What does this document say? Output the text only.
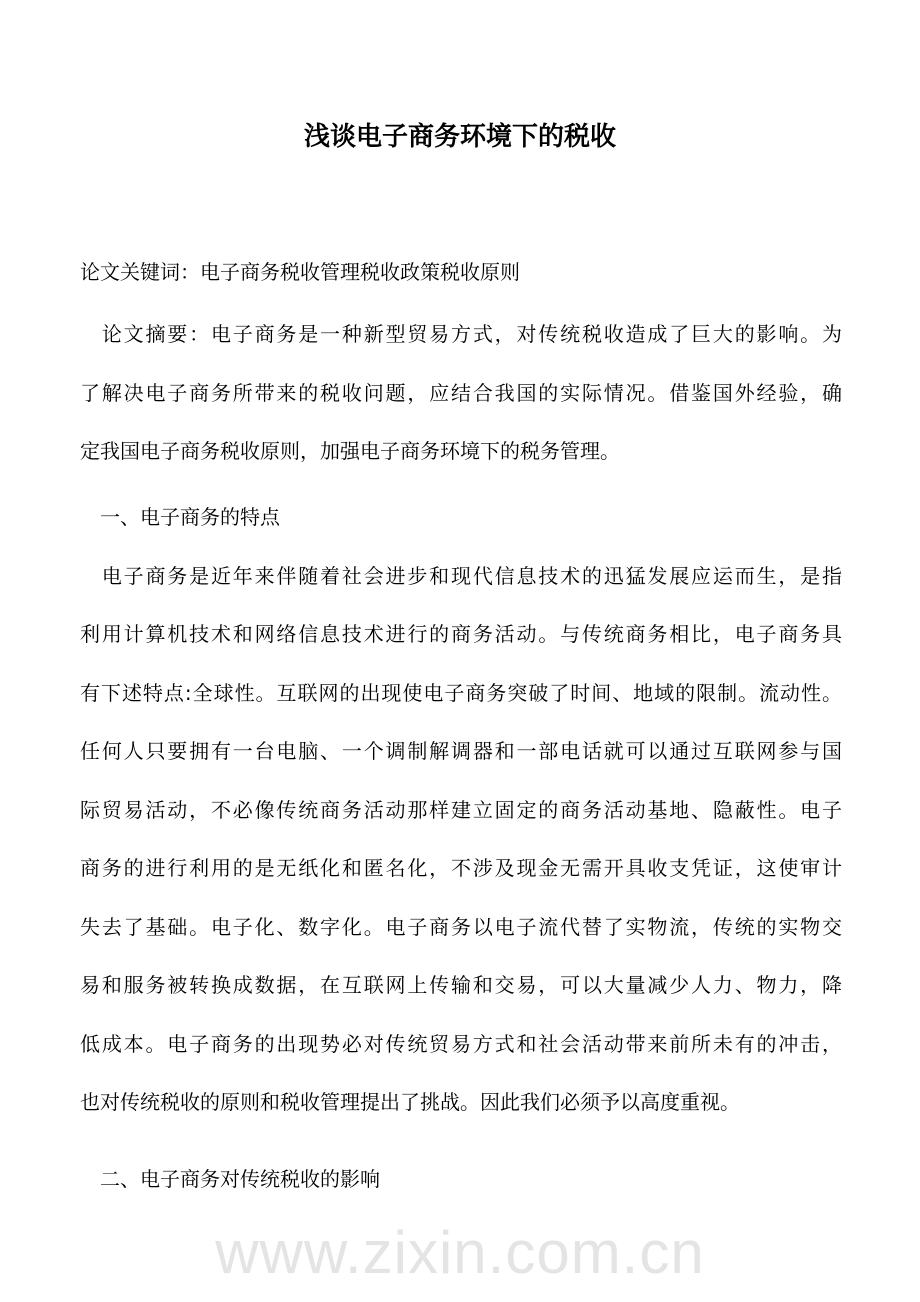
浅谈电子商务环境下的税收
论文关键词：电子商务税收管理税收政策税收原则
　论文摘要：电子商务是一种新型贸易方式，对传统税收造成了巨大的影响。为
了解决电子商务所带来的税收问题，应结合我国的实际情况。借鉴国外经验，确
定我国电子商务税收原则，加强电子商务环境下的税务管理。
　一、电子商务的特点
　电子商务是近年来伴随着社会进步和现代信息技术的迅猛发展应运而生，是指
利用计算机技术和网络信息技术进行的商务活动。与传统商务相比，电子商务具
有下述特点:全球性。互联网的出现使电子商务突破了时间、地域的限制。流动性。
任何人只要拥有一台电脑、一个调制解调器和一部电话就可以通过互联网参与国
际贸易活动，不必像传统商务活动那样建立固定的商务活动基地、隐蔽性。电子
商务的进行利用的是无纸化和匿名化，不涉及现金无需开具收支凭证，这使审计
失去了基础。电子化、数字化。电子商务以电子流代替了实物流，传统的实物交
易和服务被转换成数据，在互联网上传输和交易，可以大量减少人力、物力，降
低成本。电子商务的出现势必对传统贸易方式和社会活动带来前所未有的冲击，
也对传统税收的原则和税收管理提出了挑战。因此我们必须予以高度重视。
　二、电子商务对传统税收的影响
www.zixin.com.cn
